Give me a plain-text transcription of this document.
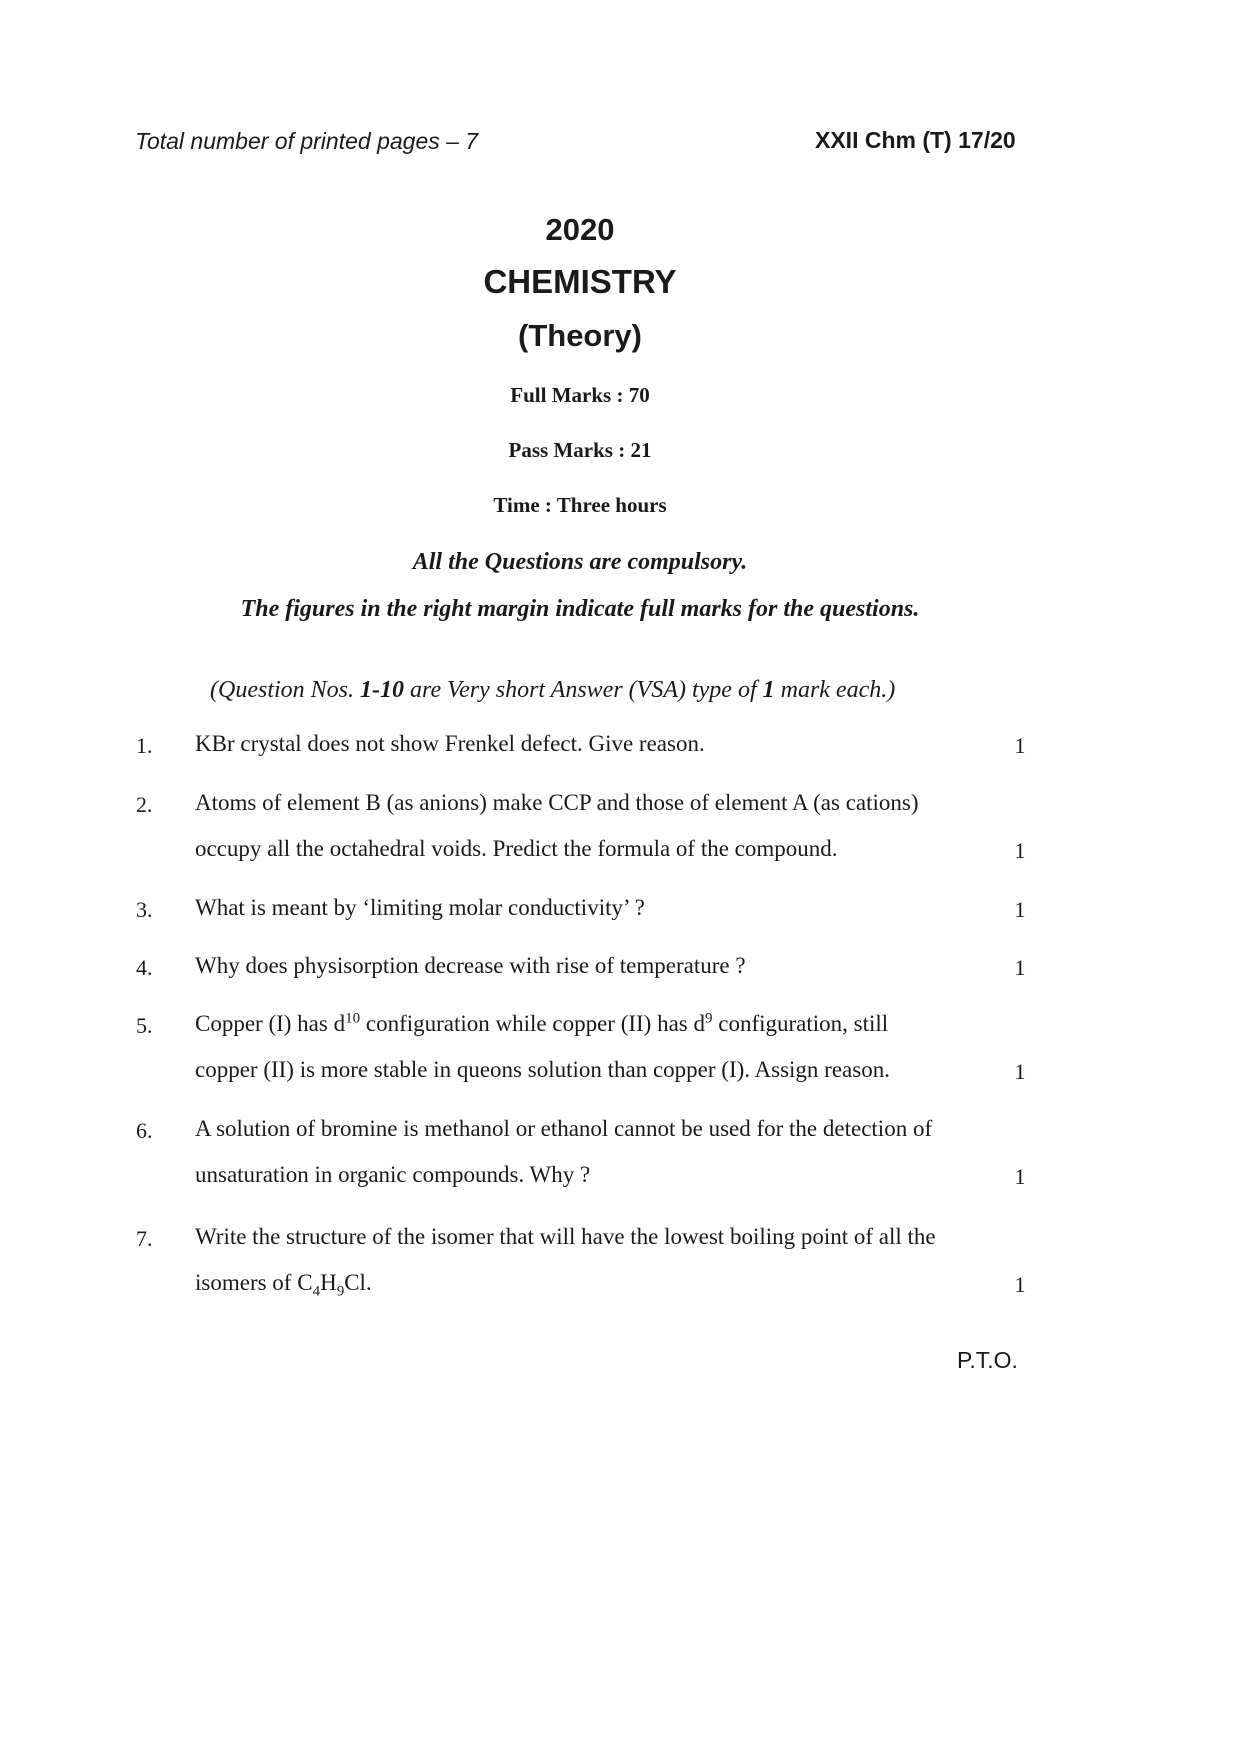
Total number of printed pages – 7	XXII Chm (T) 17/20
2020
CHEMISTRY
(Theory)
Full Marks : 70
Pass Marks : 21
Time : Three hours
All the Questions are compulsory.
The figures in the right margin indicate full marks for the questions.
(Question Nos. 1-10 are Very short Answer (VSA) type of 1 mark each.)
1.	KBr crystal does not show Frenkel defect. Give reason.	1
2.	Atoms of element B (as anions) make CCP and those of element A (as cations)
occupy all the octahedral voids. Predict the formula of the compound.	1
3.	What is meant by ‘limiting molar conductivity’ ?	1
4.	Why does physisorption decrease with rise of temperature ?	1
5.	Copper (I) has $d^{10}$ configuration while copper (II) has $d^9$ configuration, still
copper (II) is more stable in queons solution than copper (I). Assign reason.	1
6.	A solution of bromine is methanol or ethanol cannot be used for the detection of
unsaturation in organic compounds. Why ?	1
7.	Write the structure of the isomer that will have the lowest boiling point of all the
isomers of $C_4H_9Cl$.	1
P.T.O.
